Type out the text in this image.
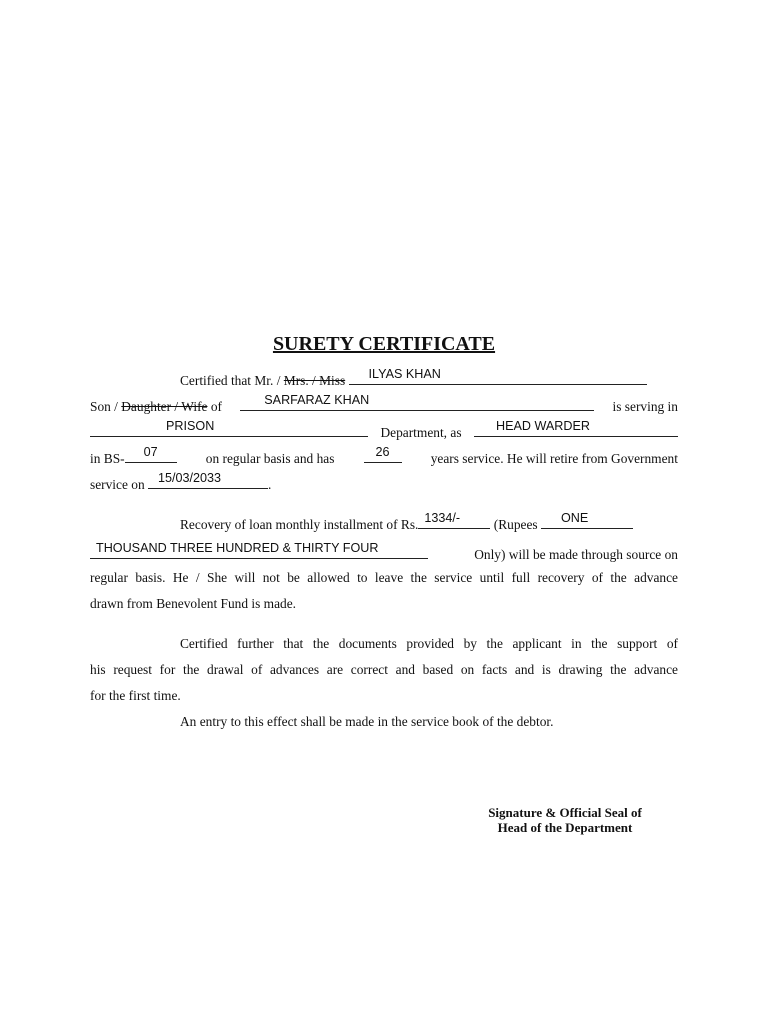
SURETY CERTIFICATE
Certified that Mr. / Mrs. / Miss ILYAS KHAN
Son / Daughter / Wife of	SARFARAZ KHAN	is serving in
PRISON	Department, as	HEAD WARDER
in BS-	07	on regular basis and has	26	years service. He will retire from Government
service on 15/03/2033	.
Recovery of loan monthly installment of Rs. 1334/-	(Rupees ONE
THOUSAND THREE HUNDRED & THIRTY FOUR	Only) will be made through source on
regular basis. He / She will not be allowed to leave the service until full recovery of the advance
drawn from Benevolent Fund is made.
Certified further that the documents provided by the applicant in the support of
his request for the drawal of advances are correct and based on facts and is drawing the advance
for the first time.
An entry to this effect shall be made in the service book of the debtor.
Signature & Official Seal of
Head of the Department
